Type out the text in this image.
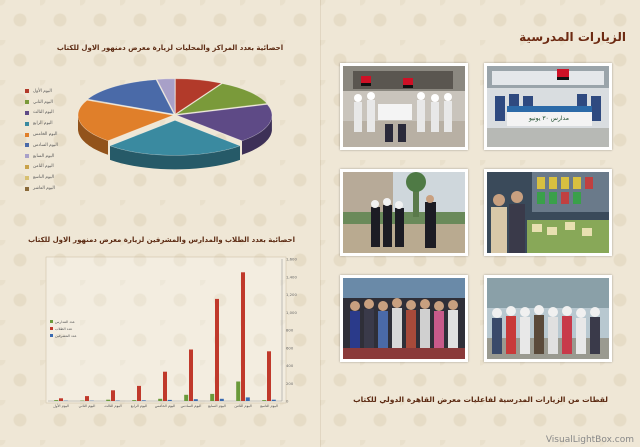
احصائية بعدد المراكز والمحليات لزيارة معرض دمنهور الاول للكتاب
اليوم الأول
اليوم الثاني
اليوم الثالث
اليوم الرابع
اليوم الخامس
اليوم السادس
اليوم السابع
اليوم الثامن
اليوم التاسع
اليوم العاشر
احصائية بعدد الطلاب والمدارس والمشرفين لزيارة معرض دمنهور الاول للكتاب
0
200
400
600
800
1,000
1,200
1,400
1,600
اليوم الأول	اليوم الثاني	اليوم الثالث	اليوم الرابع اليوم الخامس اليوم السادس اليوم السابع اليوم الثامن اليوم التاسع
عدد المدارس
عدد الطلاب
عدد المشرفين
الزيارات المدرسية
مدارس ٣٠ يونيو
لقطات من الزيارات المدرسية لفاعليات معرض القاهرة الدولي للكتاب
VisualLightBox.com
